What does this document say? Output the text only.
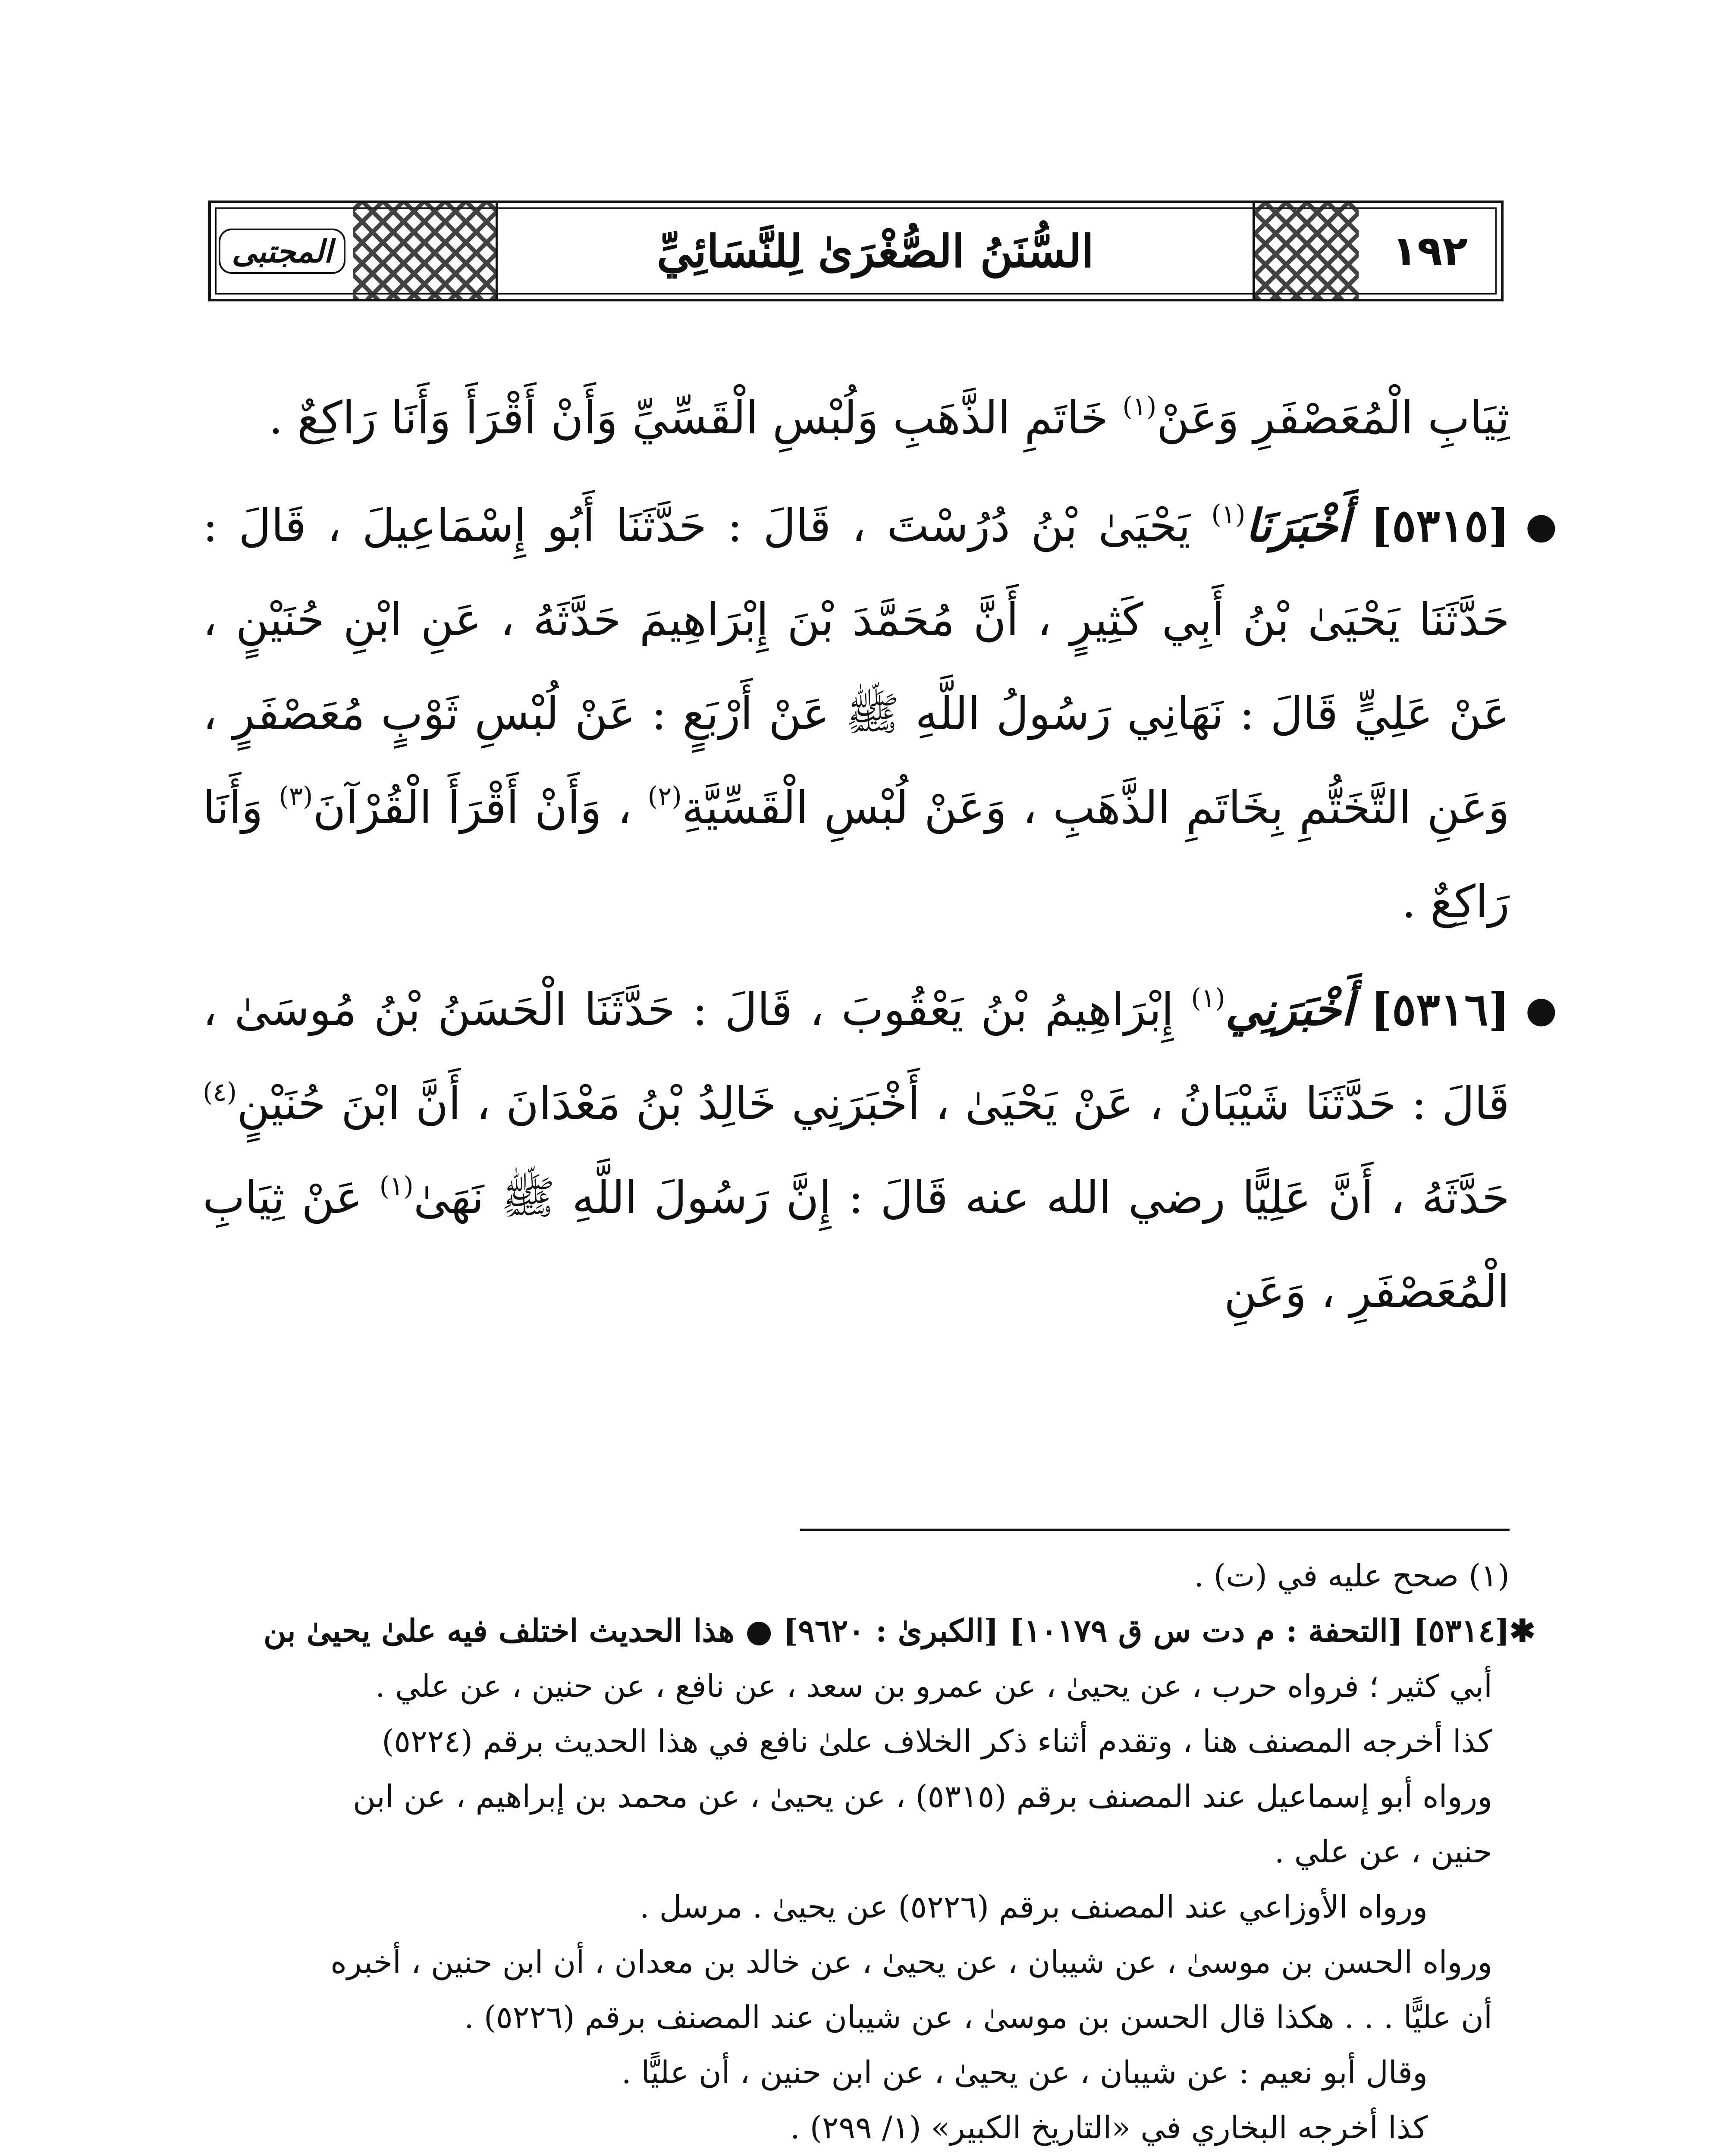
١٩٢
السُّنَنُ الصُّغْرَىٰ لِلنَّسَائِيِّ
المجتبى

ثِيَابِ الْمُعَصْفَرِ وَعَنْ$^{(١)}$ خَاتَمِ الذَّهَبِ وَلُبْسِ الْقَسِّيِّ وَأَنْ أَقْرَأَ وَأَنَا رَاكِعٌ .

●
[٥٣١٥] أَخْبَرَنَا$^{(١)}$ يَحْيَىٰ بْنُ دُرُسْتَ ، قَالَ : حَدَّثَنَا أَبُو إِسْمَاعِيلَ ، قَالَ : حَدَّثَنَا يَحْيَىٰ بْنُ أَبِي كَثِيرٍ ، أَنَّ مُحَمَّدَ بْنَ إِبْرَاهِيمَ حَدَّثَهُ ، عَنِ ابْنِ حُنَيْنٍ ، عَنْ عَلِيٍّ قَالَ : نَهَانِي رَسُولُ اللَّهِ ﷺ عَنْ أَرْبَعٍ : عَنْ لُبْسِ ثَوْبٍ مُعَصْفَرٍ ، وَعَنِ التَّخَتُّمِ بِخَاتَمِ الذَّهَبِ ، وَعَنْ لُبْسِ الْقَسِّيَّةِ$^{(٢)}$ ، وَأَنْ أَقْرَأَ الْقُرْآنَ$^{(٣)}$ وَأَنَا رَاكِعٌ .

●
[٥٣١٦] أَخْبَرَنِي$^{(١)}$ إِبْرَاهِيمُ بْنُ يَعْقُوبَ ، قَالَ : حَدَّثَنَا الْحَسَنُ بْنُ مُوسَىٰ ، قَالَ : حَدَّثَنَا شَيْبَانُ ، عَنْ يَحْيَىٰ ، أَخْبَرَنِي خَالِدُ بْنُ مَعْدَانَ ، أَنَّ ابْنَ حُنَيْنٍ$^{(٤)}$ حَدَّثَهُ ، أَنَّ عَلِيًّا رضي الله عنه قَالَ : إِنَّ رَسُولَ اللَّهِ ﷺ نَهَىٰ$^{(١)}$ عَنْ ثِيَابِ الْمُعَصْفَرِ ، وَعَنِ

(١) صحح عليه في (ت) .
✱
[٥٣١٤] [التحفة : م دت س ق ١٠١٧٩] [الكبرىٰ : ٩٦٢٠] ● هذا الحديث اختلف فيه علىٰ يحيىٰ بن
أبي كثير ؛ فرواه حرب ، عن يحيىٰ ، عن عمرو بن سعد ، عن نافع ، عن حنين ، عن علي .
كذا أخرجه المصنف هنا ، وتقدم أثناء ذكر الخلاف علىٰ نافع في هذا الحديث برقم (٥٢٢٤)
ورواه أبو إسماعيل عند المصنف برقم (٥٣١٥) ، عن يحيىٰ ، عن محمد بن إبراهيم ، عن ابن
حنين ، عن علي .
ورواه الأوزاعي عند المصنف برقم (٥٢٢٦) عن يحيىٰ . مرسل .
ورواه الحسن بن موسىٰ ، عن شيبان ، عن يحيىٰ ، عن خالد بن معدان ، أن ابن حنين ، أخبره
أن عليًّا . . . هكذا قال الحسن بن موسىٰ ، عن شيبان عند المصنف برقم (٥٢٢٦) .
وقال أبو نعيم : عن شيبان ، عن يحيىٰ ، عن ابن حنين ، أن عليًّا .
كذا أخرجه البخاري في «التاريخ الكبير» (١/ ٢٩٩) .
